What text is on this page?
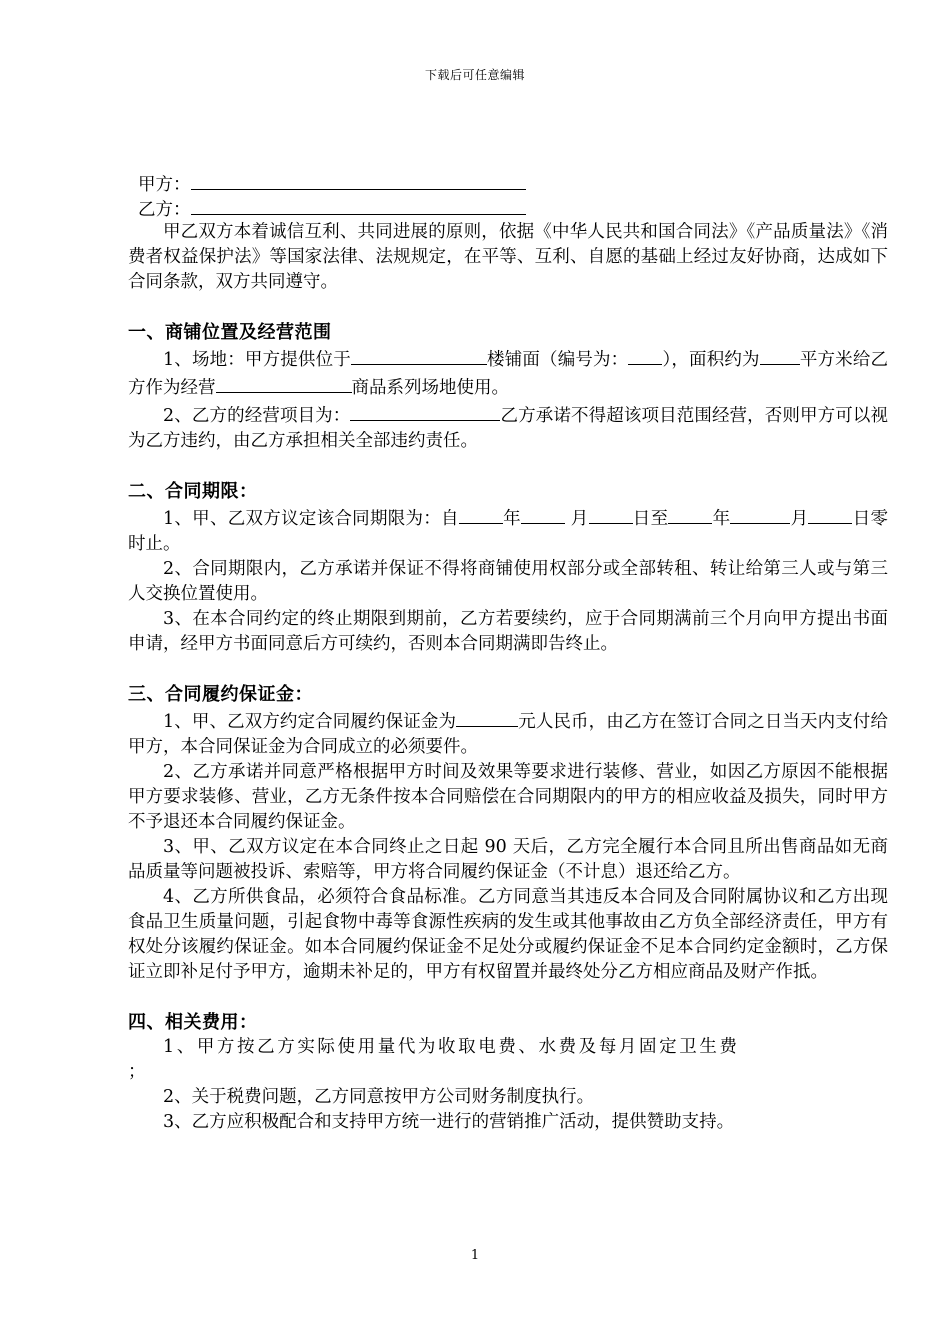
下载后可任意编辑
甲方：
乙方：

甲乙双方本着诚信互利、共同进展的原则，依据《中华人民共和国合同法》《产品质量法》《消费者权益保护法》等国家法律、法规规定，在平等、互利、自愿的基础上经过友好协商，达成如下合同条款，双方共同遵守。

一、商铺位置及经营范围

1、场地：甲方提供位于	楼铺面（编号为： ），面积约为 平方米给乙方作为经营	商品系列场地使用。

2、乙方的经营项目为：	乙方承诺不得超该项目范围经营，否则甲方可以视为乙方违约，由乙方承担相关全部违约责任。

二、合同期限：

1、甲、乙双方议定该合同期限为：自	年	月	日至	年	月	日零时止。

2、合同期限内，乙方承诺并保证不得将商铺使用权部分或全部转租、转让给第三人或与第三人交换位置使用。

3、在本合同约定的终止期限到期前，乙方若要续约，应于合同期满前三个月向甲方提出书面申请，经甲方书面同意后方可续约，否则本合同期满即告终止。

三、合同履约保证金：

1、甲、乙双方约定合同履约保证金为	元人民币，由乙方在签订合同之日当天内支付给甲方，本合同保证金为合同成立的必须要件。

2、乙方承诺并同意严格根据甲方时间及效果等要求进行装修、营业，如因乙方原因不能根据甲方要求装修、营业，乙方无条件按本合同赔偿在合同期限内的甲方的相应收益及损失，同时甲方不予退还本合同履约保证金。

3、甲、乙双方议定在本合同终止之日起 90 天后，乙方完全履行本合同且所出售商品如无商品质量等问题被投诉、索赔等，甲方将合同履约保证金（不计息）退还给乙方。

4、乙方所供食品，必须符合食品标准。乙方同意当其违反本合同及合同附属协议和乙方出现食品卫生质量问题，引起食物中毒等食源性疾病的发生或其他事故由乙方负全部经济责任，甲方有权处分该履约保证金。如本合同履约保证金不足处分或履约保证金不足本合同约定金额时，乙方保证立即补足付予甲方，逾期未补足的，甲方有权留置并最终处分乙方相应商品及财产作抵。

四、相关费用：

1、甲方按乙方实际使用量代为收取电费、水费及每月固定卫生费

；

2、关于税费问题，乙方同意按甲方公司财务制度执行。

3、乙方应积极配合和支持甲方统一进行的营销推广活动，提供赞助支持。

1
